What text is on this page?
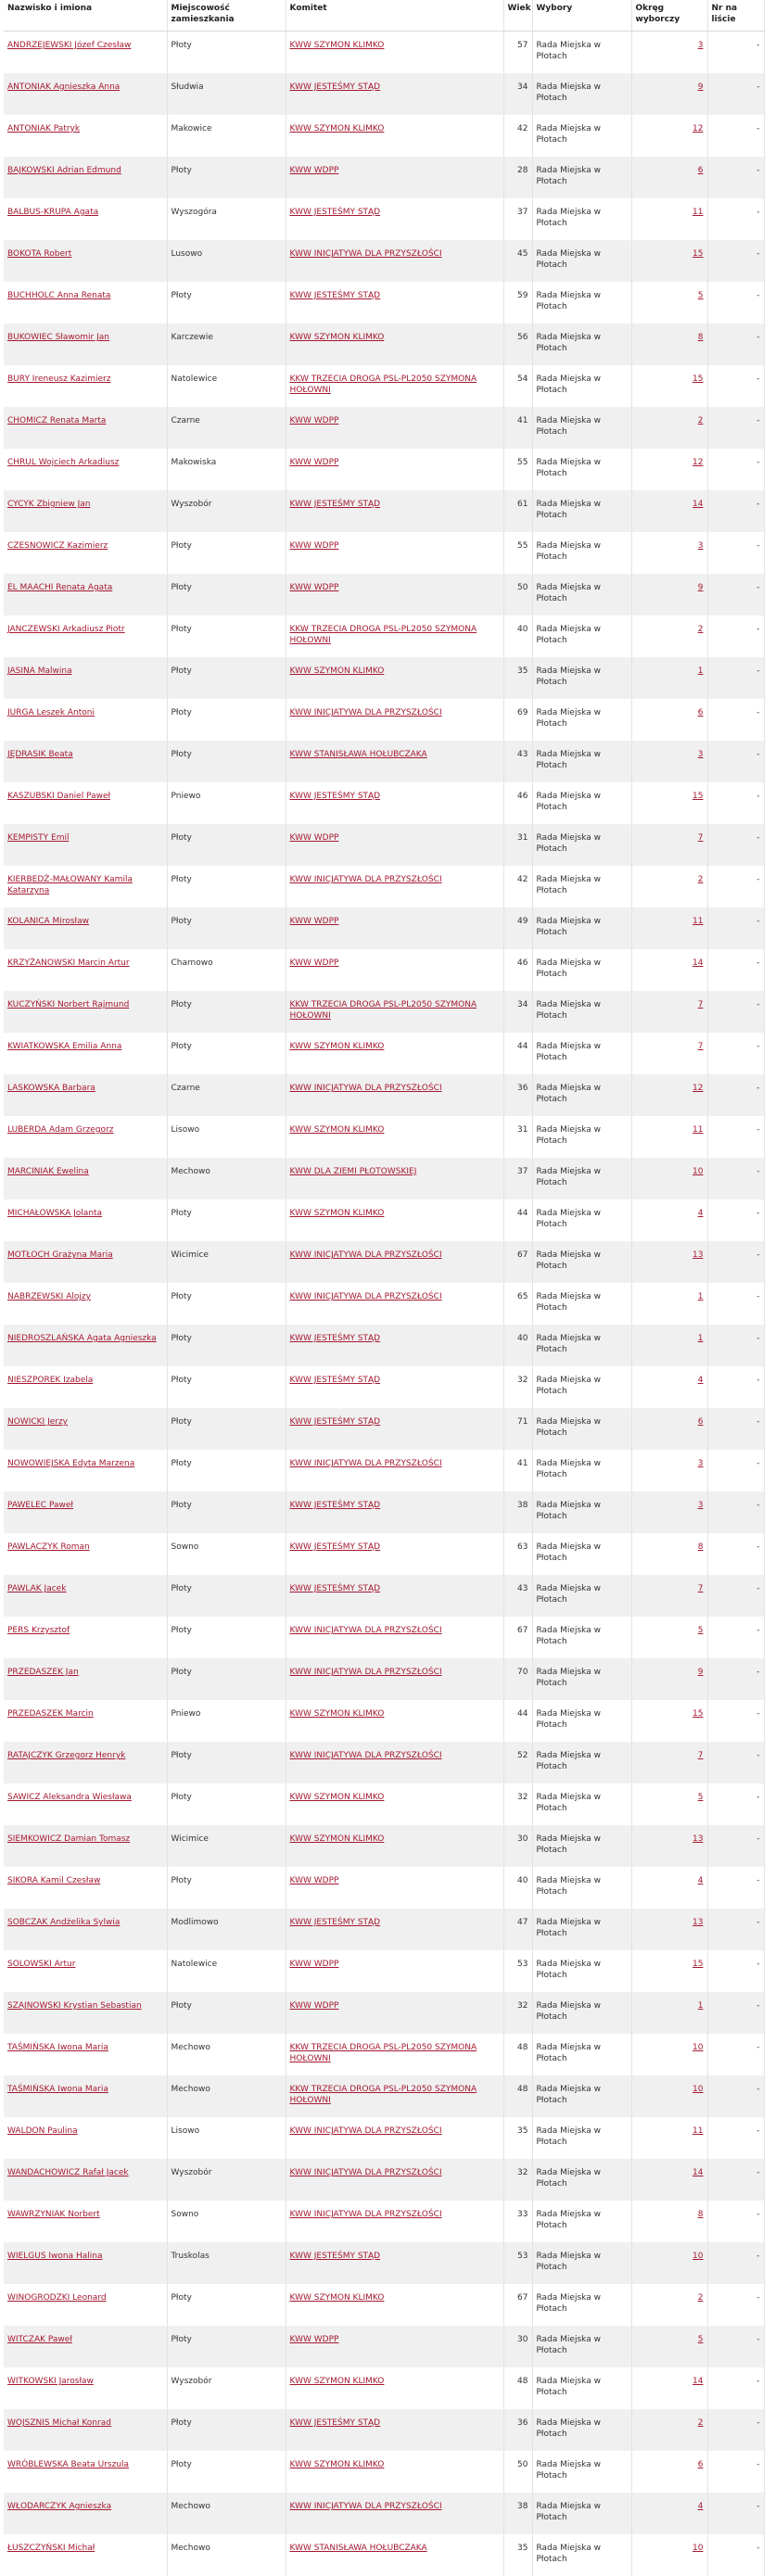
Nazwisko i imiona	Miejscowość zamieszkania	Komitet	Wiek	Wybory	Okręg wyborczy	Nr na liście
ANDRZEJEWSKI Józef Czesław	Płoty	KWW SZYMON KLIMKO	57	Rada Miejska w Płotach	3	-
ANTONIAK Agnieszka Anna	Słudwia	KWW JESTEŚMY STĄD	34	Rada Miejska w Płotach	9	-
ANTONIAK Patryk	Makowice	KWW SZYMON KLIMKO	42	Rada Miejska w Płotach	12	-
BAJKOWSKI Adrian Edmund	Płoty	KWW WDPP	28	Rada Miejska w Płotach	6	-
BALBUS-KRUPA Agata	Wyszogóra	KWW JESTEŚMY STĄD	37	Rada Miejska w Płotach	11	-
BOKOTA Robert	Lusowo	KWW INICJATYWA DLA PRZYSZŁOŚCI	45	Rada Miejska w Płotach	15	-
BUCHHOLC Anna Renata	Płoty	KWW JESTEŚMY STĄD	59	Rada Miejska w Płotach	5	-
BUKOWIEC Sławomir Jan	Karczewie	KWW SZYMON KLIMKO	56	Rada Miejska w Płotach	8	-
BURY Ireneusz Kazimierz	Natolewice	KKW TRZECIA DROGA PSL-PL2050 SZYMONA HOŁOWNI	54	Rada Miejska w Płotach	15	-
CHOMICZ Renata Marta	Czarne	KWW WDPP	41	Rada Miejska w Płotach	2	-
CHRUL Wojciech Arkadiusz	Makowiska	KWW WDPP	55	Rada Miejska w Płotach	12	-
CYCYK Zbigniew Jan	Wyszobór	KWW JESTEŚMY STĄD	61	Rada Miejska w Płotach	14	-
CZESNOWICZ Kazimierz	Płoty	KWW WDPP	55	Rada Miejska w Płotach	3	-
EL MAACHI Renata Agata	Płoty	KWW WDPP	50	Rada Miejska w Płotach	9	-
JANCZEWSKI Arkadiusz Piotr	Płoty	KKW TRZECIA DROGA PSL-PL2050 SZYMONA HOŁOWNI	40	Rada Miejska w Płotach	2	-
JASINA Malwina	Płoty	KWW SZYMON KLIMKO	35	Rada Miejska w Płotach	1	-
JURGA Leszek Antoni	Płoty	KWW INICJATYWA DLA PRZYSZŁOŚCI	69	Rada Miejska w Płotach	6	-
JĘDRASIK Beata	Płoty	KWW STANISŁAWA HOŁUBCZAKA	43	Rada Miejska w Płotach	3	-
KASZUBSKI Daniel Paweł	Pniewo	KWW JESTEŚMY STĄD	46	Rada Miejska w Płotach	15	-
KEMPISTY Emil	Płoty	KWW WDPP	31	Rada Miejska w Płotach	7	-
KIERBEDŹ-MAŁOWANY Kamila Katarzyna	Płoty	KWW INICJATYWA DLA PRZYSZŁOŚCI	42	Rada Miejska w Płotach	2	-
KOLANICA Mirosław	Płoty	KWW WDPP	49	Rada Miejska w Płotach	11	-
KRZYŻANOWSKI Marcin Artur	Charnowo	KWW WDPP	46	Rada Miejska w Płotach	14	-
KUCZYŃSKI Norbert Rajmund	Płoty	KKW TRZECIA DROGA PSL-PL2050 SZYMONA HOŁOWNI	34	Rada Miejska w Płotach	7	-
KWIATKOWSKA Emilia Anna	Płoty	KWW SZYMON KLIMKO	44	Rada Miejska w Płotach	7	-
LASKOWSKA Barbara	Czarne	KWW INICJATYWA DLA PRZYSZŁOŚCI	36	Rada Miejska w Płotach	12	-
LUBERDA Adam Grzegorz	Lisowo	KWW SZYMON KLIMKO	31	Rada Miejska w Płotach	11	-
MARCINIAK Ewelina	Mechowo	KWW DLA ZIEMI PŁOTOWSKIEJ	37	Rada Miejska w Płotach	10	-
MICHAŁOWSKA Jolanta	Płoty	KWW SZYMON KLIMKO	44	Rada Miejska w Płotach	4	-
MOTŁOCH Grażyna Maria	Wicimice	KWW INICJATYWA DLA PRZYSZŁOŚCI	67	Rada Miejska w Płotach	13	-
NABRZEWSKI Alojzy	Płoty	KWW INICJATYWA DLA PRZYSZŁOŚCI	65	Rada Miejska w Płotach	1	-
NIEDROSZLAŃSKA Agata Agnieszka	Płoty	KWW JESTEŚMY STĄD	40	Rada Miejska w Płotach	1	-
NIESZPOREK Izabela	Płoty	KWW JESTEŚMY STĄD	32	Rada Miejska w Płotach	4	-
NOWICKI Jerzy	Płoty	KWW JESTEŚMY STĄD	71	Rada Miejska w Płotach	6	-
NOWOWIEJSKA Edyta Marzena	Płoty	KWW INICJATYWA DLA PRZYSZŁOŚCI	41	Rada Miejska w Płotach	3	-
PAWELEC Paweł	Płoty	KWW JESTEŚMY STĄD	38	Rada Miejska w Płotach	3	-
PAWLACZYK Roman	Sowno	KWW JESTEŚMY STĄD	63	Rada Miejska w Płotach	8	-
PAWLAK Jacek	Płoty	KWW JESTEŚMY STĄD	43	Rada Miejska w Płotach	7	-
PERS Krzysztof	Płoty	KWW INICJATYWA DLA PRZYSZŁOŚCI	67	Rada Miejska w Płotach	5	-
PRZEDASZEK Jan	Płoty	KWW INICJATYWA DLA PRZYSZŁOŚCI	70	Rada Miejska w Płotach	9	-
PRZEDASZEK Marcin	Pniewo	KWW SZYMON KLIMKO	44	Rada Miejska w Płotach	15	-
RATAJCZYK Grzegorz Henryk	Płoty	KWW INICJATYWA DLA PRZYSZŁOŚCI	52	Rada Miejska w Płotach	7	-
SAWICZ Aleksandra Wiesława	Płoty	KWW SZYMON KLIMKO	32	Rada Miejska w Płotach	5	-
SIEMKOWICZ Damian Tomasz	Wicimice	KWW SZYMON KLIMKO	30	Rada Miejska w Płotach	13	-
SIKORA Kamil Czesław	Płoty	KWW WDPP	40	Rada Miejska w Płotach	4	-
SOBCZAK Andżelika Sylwia	Modlimowo	KWW JESTEŚMY STĄD	47	Rada Miejska w Płotach	13	-
SOLOWSKI Artur	Natolewice	KWW WDPP	53	Rada Miejska w Płotach	15	-
SZAJNOWSKI Krystian Sebastian	Płoty	KWW WDPP	32	Rada Miejska w Płotach	1	-
TAŚMIŃSKA Iwona Maria	Mechowo	KKW TRZECIA DROGA PSL-PL2050 SZYMONA HOŁOWNI	48	Rada Miejska w Płotach	10	-
TAŚMIŃSKA Iwona Maria	Mechowo	KKW TRZECIA DROGA PSL-PL2050 SZYMONA HOŁOWNI	48	Rada Miejska w Płotach	10	-
WALDON Paulina	Lisowo	KWW INICJATYWA DLA PRZYSZŁOŚCI	35	Rada Miejska w Płotach	11	-
WANDACHOWICZ Rafał Jacek	Wyszobór	KWW INICJATYWA DLA PRZYSZŁOŚCI	32	Rada Miejska w Płotach	14	-
WAWRZYNIAK Norbert	Sowno	KWW INICJATYWA DLA PRZYSZŁOŚCI	33	Rada Miejska w Płotach	8	-
WIELGUS Iwona Halina	Truskolas	KWW JESTEŚMY STĄD	53	Rada Miejska w Płotach	10	-
WINOGRODZKI Leonard	Płoty	KWW SZYMON KLIMKO	67	Rada Miejska w Płotach	2	-
WITCZAK Paweł	Płoty	KWW WDPP	30	Rada Miejska w Płotach	5	-
WITKOWSKI Jarosław	Wyszobór	KWW SZYMON KLIMKO	48	Rada Miejska w Płotach	14	-
WOJSZNIS Michał Konrad	Płoty	KWW JESTEŚMY STĄD	36	Rada Miejska w Płotach	2	-
WRÓBLEWSKA Beata Urszula	Płoty	KWW SZYMON KLIMKO	50	Rada Miejska w Płotach	6	-
WŁODARCZYK Agnieszka	Mechowo	KWW INICJATYWA DLA PRZYSZŁOŚCI	38	Rada Miejska w Płotach	4	-
ŁUSZCZYŃSKI Michał	Mechowo	KWW STANISŁAWA HOŁUBCZAKA	35	Rada Miejska w Płotach	10	-
